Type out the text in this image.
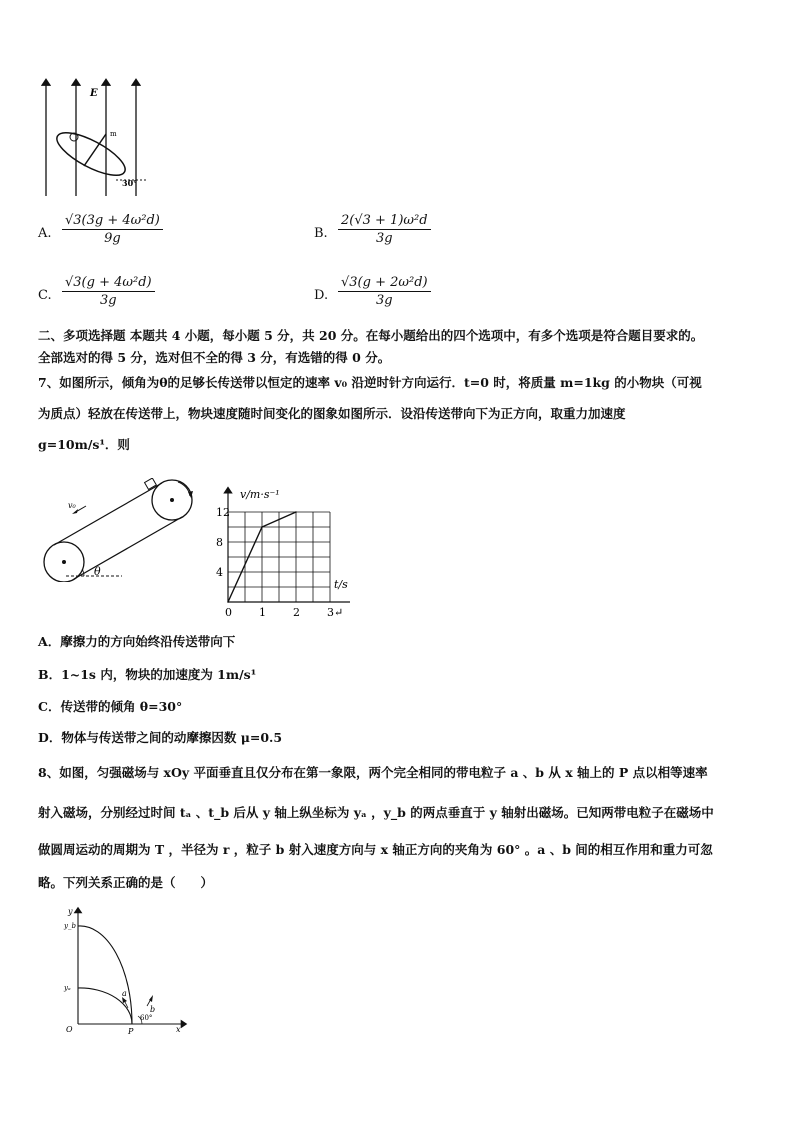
E
m
30°
A. $\frac{\text{√3(3g + 4ω²d)}}{9g}$	B. $\frac{\text{2(√3 + 1)ω²d}}{3g}$
C. $\frac{\text{√3(g + 4ω²d)}}{3g}$	D. $\frac{\text{√3(g + 2ω²d)}}{3g}$
二、多项选择题 本题共 4 小题，每小题 5 分，共 20 分。在每小题给出的四个选项中，有多个选项是符合题目要求的。
全部选对的得 5 分，选对但不全的得 3 分，有选错的得 0 分。
7、如图所示，倾角为θ的足够长传送带以恒定的速率 v₀ 沿逆时针方向运行．t=0 时，将质量 m=1kg 的小物块（可视
为质点）轻放在传送带上，物块速度随时间变化的图象如图所示．设沿传送带向下为正方向，取重力加速度
g=10m/s¹．则
v₀
θ	4
8
12
0 1 2 3↵
v/m·s⁻¹
t/s
A．摩擦力的方向始终沿传送带向下
B．1~1s 内，物块的加速度为 1m/s¹
C．传送带的倾角 θ=30°
D．物体与传送带之间的动摩擦因数 μ=0.5
8、如图，匀强磁场与 xOy 平面垂直且仅分布在第一象限，两个完全相同的带电粒子 a 、b 从 x 轴上的 P 点以相等速率
射入磁场，分别经过时间 tₐ 、t_b 后从 y 轴上纵坐标为 yₐ ，y_b 的两点垂直于 y 轴射出磁场。已知两带电粒子在磁场中
做圆周运动的周期为 T ，半径为 r ，粒子 b 射入速度方向与 x 轴正方向的夹角为 60° 。a 、b 间的相互作用和重力可忽
略。下列关系正确的是（　　）
y
y_b
yₐ
O	P	x
a
b
60°
